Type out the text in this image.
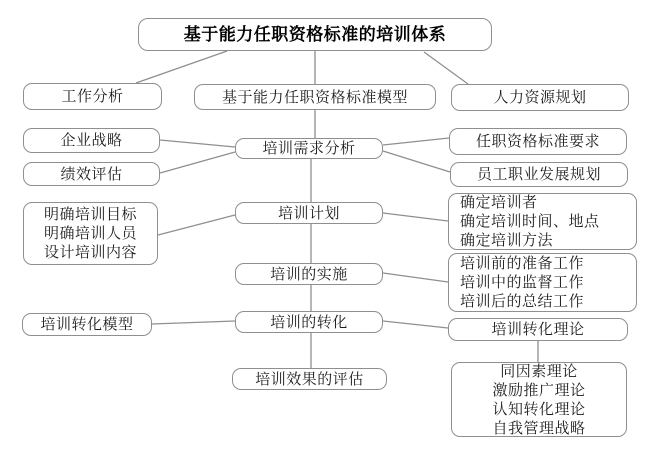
基于能力任职资格标准的培训体系
工作分析	基于能力任职资格标准模型	人力资源规划
企业战略
绩效评估
培训需求分析	任职资格标准要求
员工职业发展规划
培训计划
明确培训目标
明确培训人员
设计培训内容
确定培训者
确定培训时间、地点
确定培训方法
培训的实施
培训前的准备工作
培训中的监督工作
培训后的总结工作
培训转化模型	培训的转化	培训转化理论
培训效果的评估	同因素理论
激励推广理论
认知转化理论
自我管理战略
